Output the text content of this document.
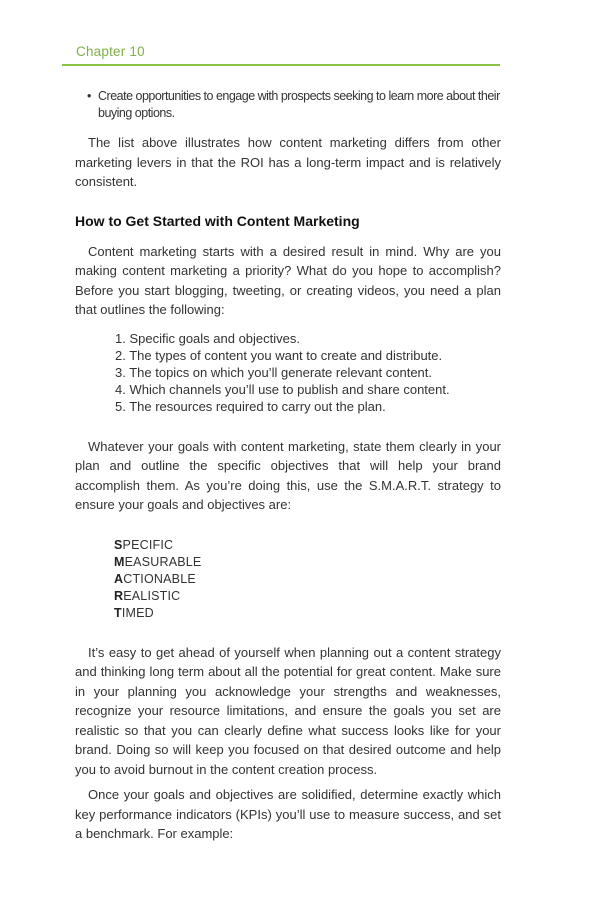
Chapter 10
• Create opportunities to engage with prospects seeking to learn more about their buying options.

The list above illustrates how content marketing differs from other marketing levers in that the ROI has a long-term impact and is relatively consistent.

How to Get Started with Content Marketing

Content marketing starts with a desired result in mind. Why are you making content marketing a priority? What do you hope to accomplish? Before you start blogging, tweeting, or creating videos, you need a plan that outlines the following:

1. Specific goals and objectives.
2. The types of content you want to create and distribute.
3. The topics on which you’ll generate relevant content.
4. Which channels you’ll use to publish and share content.
5. The resources required to carry out the plan.

Whatever your goals with content marketing, state them clearly in your plan and outline the specific objectives that will help your brand accomplish them. As you’re doing this, use the S.M.A.R.T. strategy to ensure your goals and objectives are:

SPECIFIC
MEASURABLE
ACTIONABLE
REALISTIC
TIMED

It’s easy to get ahead of yourself when planning out a content strategy and thinking long term about all the potential for great content. Make sure in your planning you acknowledge your strengths and weaknesses, recognize your resource limitations, and ensure the goals you set are realistic so that you can clearly define what success looks like for your brand. Doing so will keep you focused on that desired outcome and help you to avoid burnout in the content creation process.

Once your goals and objectives are solidified, determine exactly which key performance indicators (KPIs) you’ll use to measure success, and set a benchmark. For example:
